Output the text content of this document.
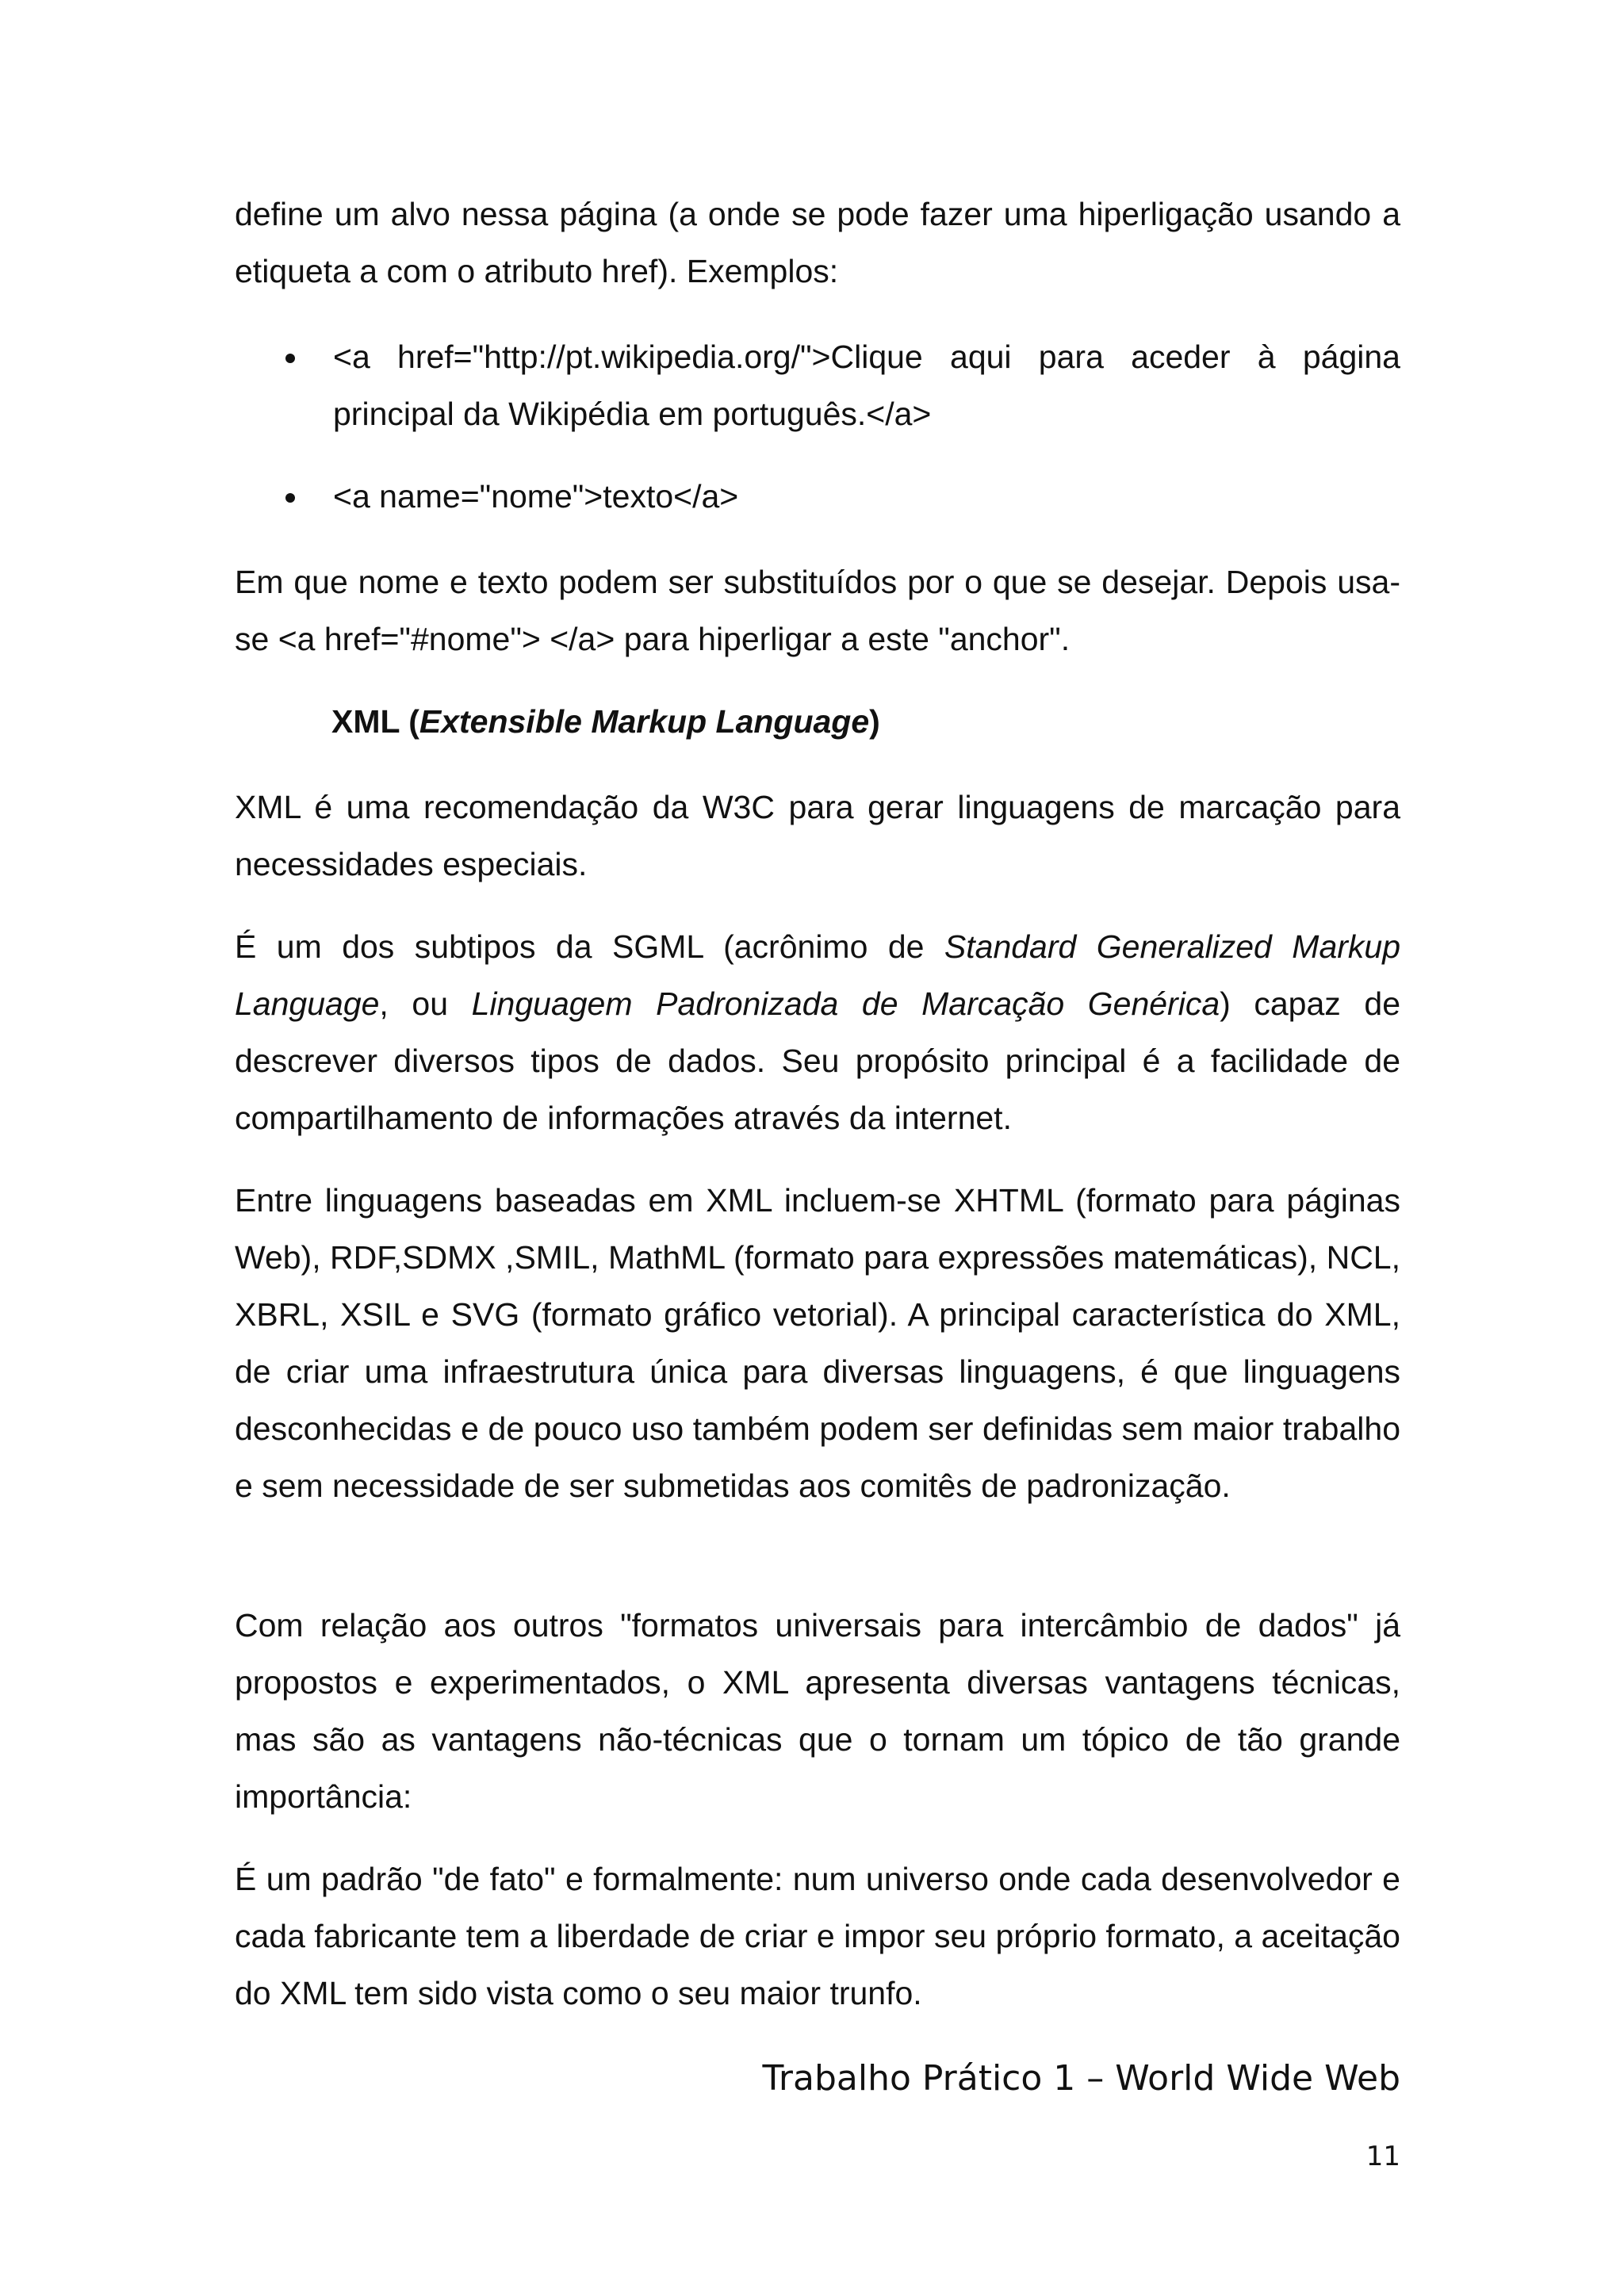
define um alvo nessa página (a onde se pode fazer uma hiperligação usando a etiqueta a com o atributo href). Exemplos:

<a href="http://pt.wikipedia.org/">Clique aqui para aceder à página principal da Wikipédia em português.</a>
<a name="nome">texto</a>

Em que nome e texto podem ser substituídos por o que se desejar. Depois usa-se <a href="#nome"> </a> para hiperligar a este "anchor".

XML (Extensible Markup Language)

XML é uma recomendação da W3C para gerar linguagens de marcação para necessidades especiais.

É um dos subtipos da SGML (acrônimo de Standard Generalized Markup Language, ou Linguagem Padronizada de Marcação Genérica) capaz de descrever diversos tipos de dados. Seu propósito principal é a facilidade de compartilhamento de informações através da internet.

Entre linguagens baseadas em XML incluem-se XHTML (formato para páginas Web), RDF,SDMX ,SMIL, MathML (formato para expressões matemáticas), NCL, XBRL, XSIL e SVG (formato gráfico vetorial). A principal característica do XML, de criar uma infraestrutura única para diversas linguagens, é que linguagens desconhecidas e de pouco uso também podem ser definidas sem maior trabalho e sem necessidade de ser submetidas aos comitês de padronização.

Com relação aos outros "formatos universais para intercâmbio de dados" já propostos e experimentados, o XML apresenta diversas vantagens técnicas, mas são as vantagens não-técnicas que o tornam um tópico de tão grande importância:

É um padrão "de fato" e formalmente: num universo onde cada desenvolvedor e cada fabricante tem a liberdade de criar e impor seu próprio formato, a aceitação do XML tem sido vista como o seu maior trunfo.

Trabalho Prático 1 – World Wide Web
11
